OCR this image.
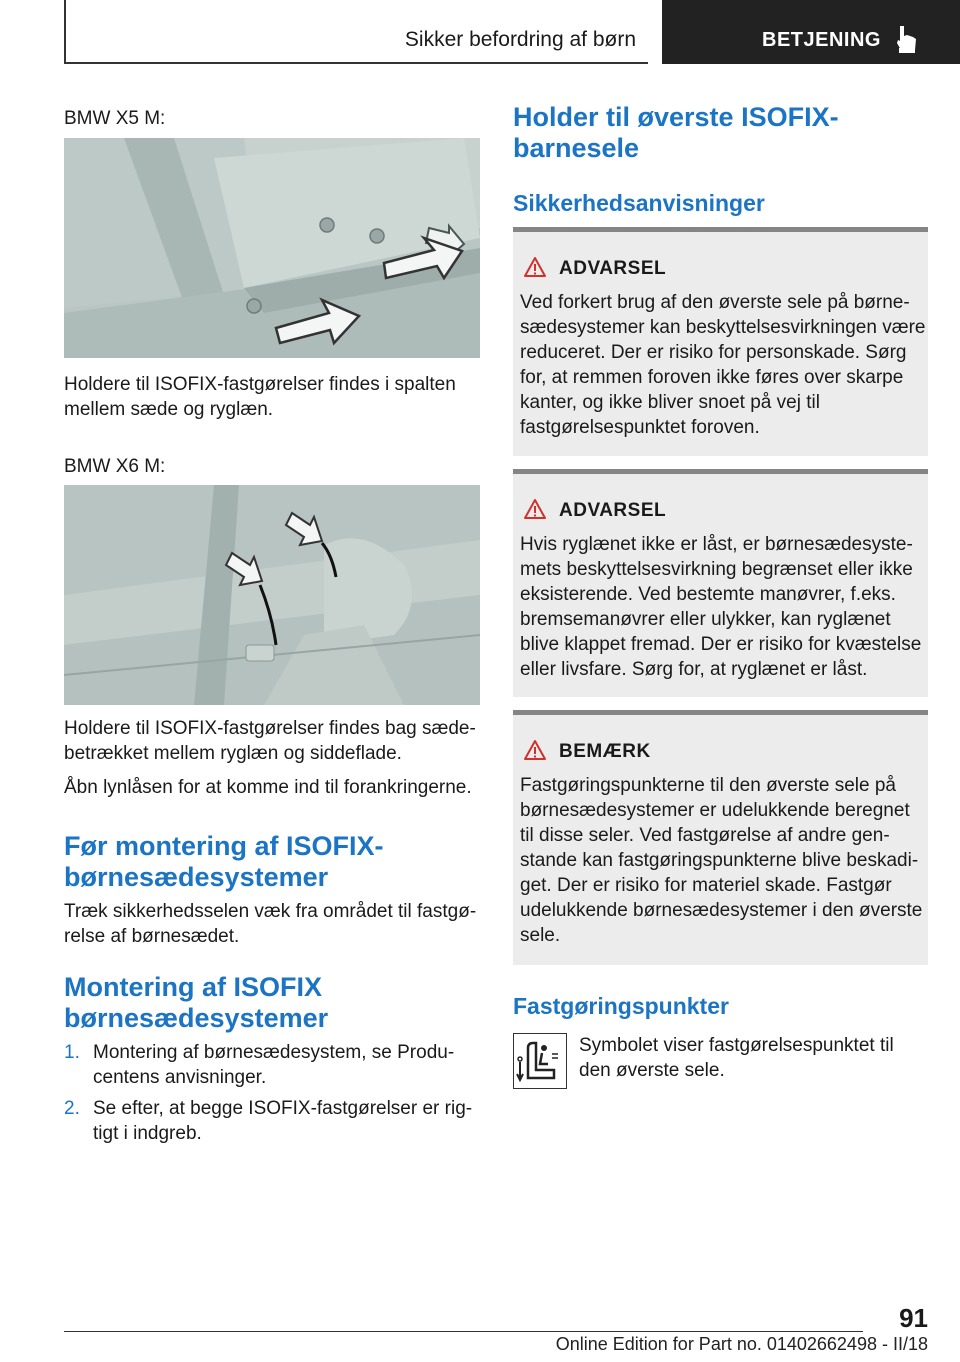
Sikker befordring af børn	BETJENING
BMW X5 M:
Holdere til ISOFIX-fastgørelser findes i spalten mellem sæde og ryglæn.
BMW X6 M:
Holdere til ISOFIX-fastgørelser findes bag sædebetrækket mellem ryglæn og siddeflade.
Åbn lynlåsen for at komme ind til forankringerne.
Før montering af ISOFIX-børnesædesystemer
Træk sikkerhedsselen væk fra området til fastgørelse af børnesædet.
Montering af ISOFIX børnesædesystemer
1. Montering af børnesædesystem, se Producentens anvisninger.
2. Se efter, at begge ISOFIX-fastgørelser er rigtigt i indgreb.
Holder til øverste ISOFIX-barnesele
Sikkerhedsanvisninger
ADVARSEL
Ved forkert brug af den øverste sele på børnesædesystemer kan beskyttelsesvirkningen være reduceret. Der er risiko for personskade. Sørg for, at remmen foroven ikke føres over skarpe kanter, og ikke bliver snoet på vej til fastgørelsespunktet foroven.
ADVARSEL
Hvis ryglænet ikke er låst, er børnesædesystemets beskyttelsesvirkning begrænset eller ikke eksisterende. Ved bestemte manøvrer, f.eks. bremsemanøvrer eller ulykker, kan ryglænet blive klappet fremad. Der er risiko for kvæstelse eller livsfare. Sørg for, at ryglænet er låst.
BEMÆRK
Fastgøringspunkterne til den øverste sele på børnesædesystemer er udelukkende beregnet til disse seler. Ved fastgørelse af andre genstande kan fastgøringspunkterne blive beskadiget. Der er risiko for materiel skade. Fastgør udelukkende børnesædesystemer i den øverste sele.
Fastgøringspunkter
Symbolet viser fastgørelsespunktet til den øverste sele.
91
Online Edition for Part no. 01402662498 - II/18
